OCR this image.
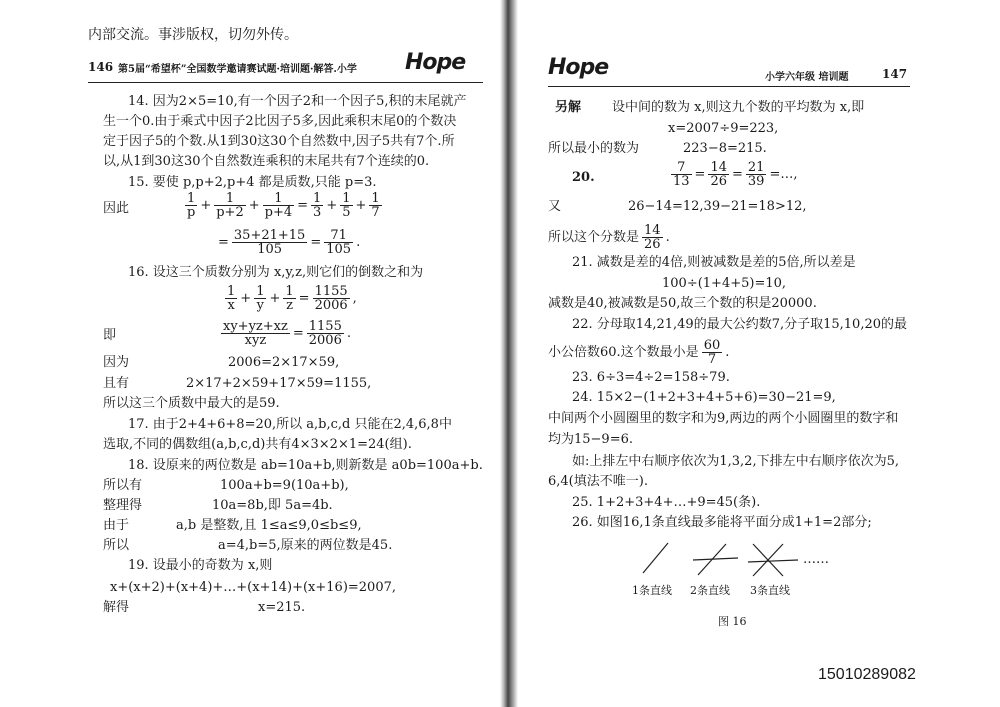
内部交流。事涉版权，切勿外传。
146 第5届“希望杯”全国数学邀请赛试题·培训题·解答.小学 Hope	Hope	小学六年级 培训题	147
14. 因为2×5=10,有一个因子2和一个因子5,积的末尾就产
生一个0.由于乘式中因子2比因子5多,因此乘积末尾0的个数决
定于因子5的个数.从1到30这30个自然数中,因子5共有7个.所
以,从1到30这30个自然数连乘积的末尾共有7个连续的0.
15. 要使 p,p+2,p+4 都是质数,只能 p=3.
因此	$\frac{1}{p} + \frac{1}{p+2} + \frac{1}{p+4} = \frac{1}{3} + \frac{1}{5} + \frac{1}{7}$
= $\frac{35+21+15}{105} = \frac{71}{105}$ .
16. 设这三个质数分别为 x,y,z,则它们的倒数之和为
$\frac{1}{x} + \frac{1}{y} + \frac{1}{z} = \frac{1155}{2006}$ ,
即	$\frac{xy+yz+xz}{\text{xyz}} = \frac{1155}{2006}$ .
因为	2006=2×17×59,
且有	2×17+2×59+17×59=1155,
所以这三个质数中最大的是59.
17. 由于2+4+6+8=20,所以 a,b,c,d 只能在2,4,6,8中
选取,不同的偶数组(a,b,c,d)共有4×3×2×1=24(组).
18. 设原来的两位数是 ab=10a+b,则新数是 a0b=100a+b.
所以有	100a+b=9(10a+b),
整理得	10a=8b,即 5a=4b.
由于	a,b 是整数,且 1≤a≤9,0≤b≤9,
所以	a=4,b=5,原来的两位数是45.
19. 设最小的奇数为 x,则
x+(x+2)+(x+4)+…+(x+14)+(x+16)=2007,
解得	x=215.
另解 设中间的数为 x,则这九个数的平均数为 x,即
x=2007÷9=223,
所以最小的数为	223−8=215.
20.	$\frac{7}{13} = \frac{14}{26} = \frac{21}{39}$ =…,
又	26−14=12,39−21=18>12,
所以这个分数是 $\frac{14}{26}$ .
21. 减数是差的4倍,则被减数是差的5倍,所以差是
100÷(1+4+5)=10,
减数是40,被减数是50,故三个数的积是20000.
22. 分母取14,21,49的最大公约数7,分子取15,10,20的最
小公倍数60.这个数最小是 $\frac{60}{7}$ .
23. 6÷3=4÷2=158÷79.
24. 15×2−(1+2+3+4+5+6)=30−21=9,
中间两个小圆圈里的数字和为9,两边的两个小圆圈里的数字和
均为15−9=6.
如:上排左中右顺序依次为1,3,2,下排左中右顺序依次为5,
6,4(填法不唯一).
25. 1+2+3+4+…+9=45(条).
26. 如图16,1条直线最多能将平面分成1+1=2部分;
……
1条直线 2条直线 3条直线
图 16
15010289082
